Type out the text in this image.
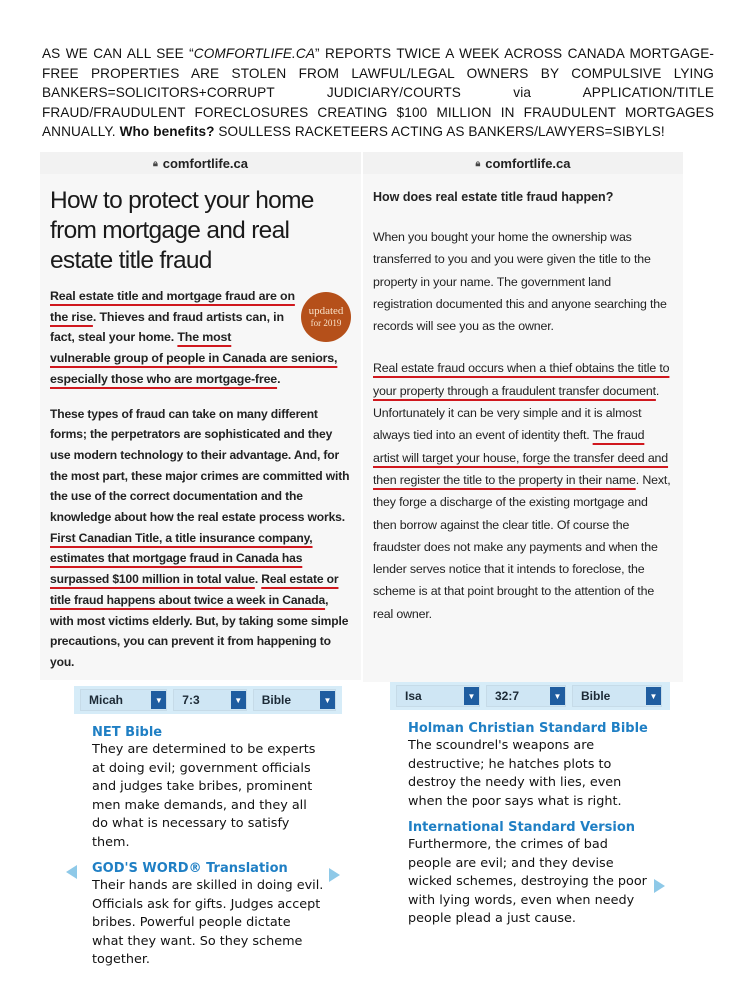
AS WE CAN ALL SEE “COMFORTLIFE.CA” REPORTS TWICE A WEEK ACROSS CANADA MORTGAGE-FREE PROPERTIES ARE STOLEN FROM LAWFUL/LEGAL OWNERS BY COMPULSIVE LYING BANKERS=SOLICITORS+CORRUPT JUDICIARY/COURTS via APPLICATION/TITLE FRAUD/FRAUDULENT FORECLOSURES CREATING $100 MILLION IN FRAUDULENT MORTGAGES ANNUALLY. Who benefits? SOULLESS RACKETEERS ACTING AS BANKERS/LAWYERS=SIBYLS!
🔒︎ comfortlife.ca
How to protect your home from mortgage and real estate title fraud
updated
for 2019

Real estate title and mortgage fraud are on the rise. Thieves and fraud artists can, in fact, steal your home. The most vulnerable group of people in Canada are seniors, especially those who are mortgage-free.

These types of fraud can take on many different forms; the perpetrators are sophisticated and they use modern technology to their advantage. And, for the most part, these major crimes are committed with the use of the correct documentation and the knowledge about how the real estate process works. First Canadian Title, a title insurance company, estimates that mortgage fraud in Canada has surpassed $100 million in total value. Real estate or title fraud happens about twice a week in Canada, with most victims elderly. But, by taking some simple precautions, you can prevent it from happening to you.

🔒︎ comfortlife.ca
How does real estate title fraud happen?

When you bought your home the ownership was transferred to you and you were given the title to the property in your name. The government land registration documented this and anyone searching the records will see you as the owner.

Real estate fraud occurs when a thief obtains the title to your property through a fraudulent transfer document. Unfortunately it can be very simple and it is almost always tied into an event of identity theft. The fraud artist will target your house, forge the transfer deed and then register the title to the property in their name. Next, they forge a discharge of the existing mortgage and then borrow against the clear title. Of course the fraudster does not make any payments and when the lender serves notice that it intends to foreclose, the scheme is at that point brought to the attention of the real owner.

Micah	▼	7:3	▼	Bible	▼
NET Bible
They are determined to be experts at doing evil; government officials and judges take bribes, prominent men make demands, and they all do what is necessary to satisfy them.
GOD'S WORD® Translation
Their hands are skilled in doing evil. Officials ask for gifts. Judges accept bribes. Powerful people dictate what they want. So they scheme together.
Isa	▼	32:7	▼	Bible	▼
Holman Christian Standard Bible
The scoundrel's weapons are destructive; he hatches plots to destroy the needy with lies, even when the poor says what is right.
International Standard Version
Furthermore, the crimes of bad people are evil; and they devise wicked schemes, destroying the poor with lying words, even when needy people plead a just cause.
